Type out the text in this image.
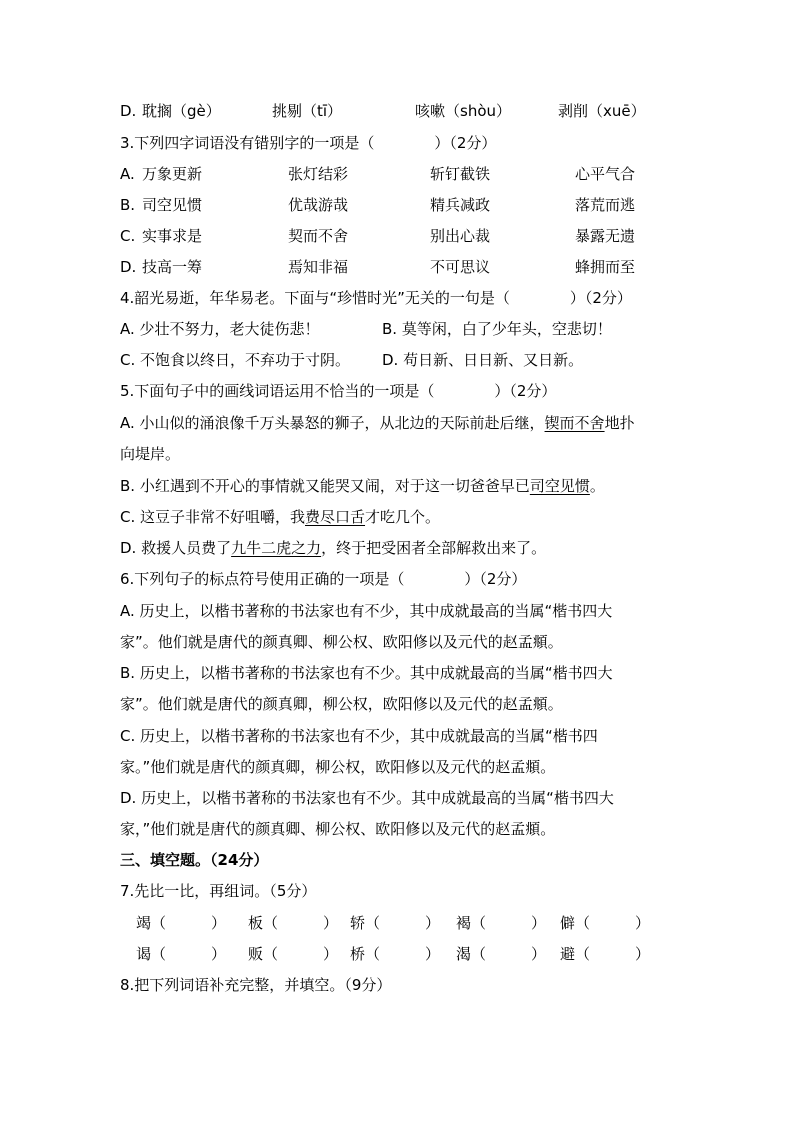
D. 耽搁（gè）	挑剔（tī）	咳嗽（shòu）	剥削（xuē）
3.下列四字词语没有错别字的一项是（　　　　）（2分）
A. 万象更新	张灯结彩	斩钉截铁	心平气合
B. 司空见惯	优哉游哉	精兵减政	落荒而逃
C. 实事求是	契而不舍	别出心裁	暴露无遗
D. 技高一筹	焉知非福	不可思议	蜂拥而至
4.韶光易逝，年华易老。下面与“珍惜时光”无关的一句是（　　　　）（2分）
A. 少壮不努力，老大徒伤悲！	B. 莫等闲，白了少年头，空悲切！
C. 不饱食以终日，不弃功于寸阴。 D. 苟日新、日日新、又日新。
5.下面句子中的画线词语运用不恰当的一项是（　　　　）（2分）
A. 小山似的涌浪像千万头暴怒的狮子，从北边的天际前赴后继，锲而不舍地扑
向堤岸。
B. 小红遇到不开心的事情就又能哭又闹，对于这一切爸爸早已司空见惯。
C. 这豆子非常不好咀嚼，我费尽口舌才吃几个。
D. 救援人员费了九牛二虎之力，终于把受困者全部解救出来了。
6.下列句子的标点符号使用正确的一项是（　　　　）（2分）
A. 历史上，以楷书著称的书法家也有不少，其中成就最高的当属“楷书四大
家”。他们就是唐代的颜真卿、柳公权、欧阳修以及元代的赵孟頫。
B. 历史上，以楷书著称的书法家也有不少。其中成就最高的当属“楷书四大
家”。他们就是唐代的颜真卿，柳公权，欧阳修以及元代的赵孟頫。
C. 历史上，以楷书著称的书法家也有不少，其中成就最高的当属“楷书四
家。”他们就是唐代的颜真卿，柳公权，欧阳修以及元代的赵孟頫。
D. 历史上，以楷书著称的书法家也有不少。其中成就最高的当属“楷书四大
家，”他们就是唐代的颜真卿、柳公权、欧阳修以及元代的赵孟頫。
三、填空题。（24分）
7.先比一比，再组词。（5分）
竭（　　　） 板（　　　） 轿（　　　） 褐（　　　） 僻（　　　）
谒（　　　） 贩（　　　） 桥（　　　） 渴（　　　） 避（　　　）
8.把下列词语补充完整，并填空。（9分）
